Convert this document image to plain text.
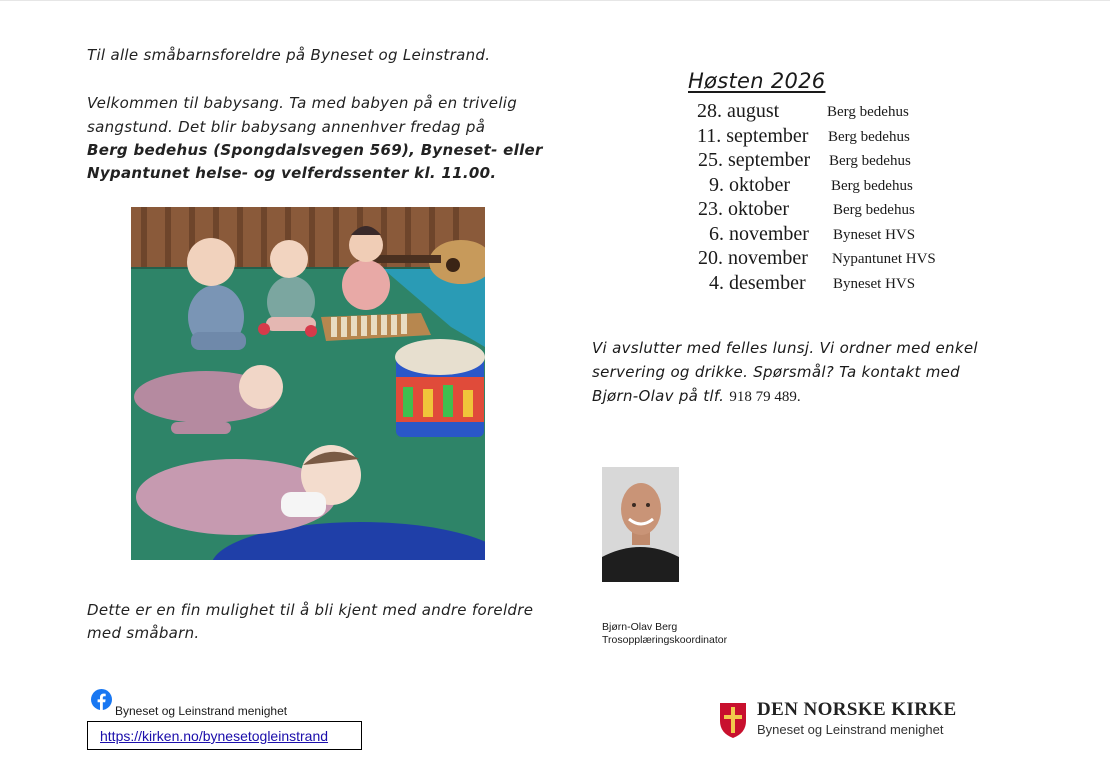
Til alle småbarnsforeldre på Byneset og Leinstrand.
Velkommen til babysang. Ta med babyen på en trivelig
sangstund. Det blir babysang annenhver fredag på
Berg bedehus (Spongdalsvegen 569), Byneset- eller
Nypantunet helse- og velferdssenter kl. 11.00.
Dette er en fin mulighet til å bli kjent med andre foreldre
med småbarn.
Høsten 2026
28. august	Berg bedehus
11. september Berg bedehus
25. september Berg bedehus
9. oktober	Berg bedehus
23. oktober	Berg bedehus
6. november Byneset HVS
20. november Nypantunet HVS
4. desember Byneset HVS
Vi avslutter med felles lunsj. Vi ordner med enkel
servering og drikke. Spørsmål? Ta kontakt med
Bjørn-Olav på tlf. 918 79 489.
Bjørn-Olav Berg
Trosopplæringskoordinator
Byneset og Leinstrand menighet
https://kirken.no/bynesetogleinstrand
DEN NORSKE KIRKE
Byneset og Leinstrand menighet
